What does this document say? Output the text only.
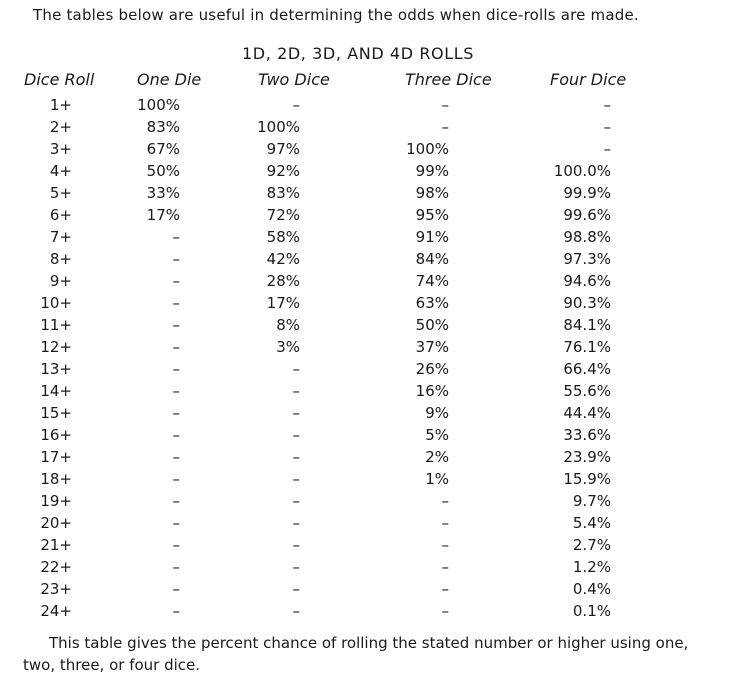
The tables below are useful in determining the odds when dice-rolls are made.
1D, 2D, 3D, AND 4D ROLLS
Dice Roll	One Die	Two Dice	Three Dice	Four Dice
1+	100%	–	–	–
2+	83%	100%	–	–
3+	67%	97%	100%	–
4+	50%	92%	99%	100.0%
5+	33%	83%	98%	99.9%
6+	17%	72%	95%	99.6%
7+	–	58%	91%	98.8%
8+	–	42%	84%	97.3%
9+	–	28%	74%	94.6%
10+	–	17%	63%	90.3%
11+	–	8%	50%	84.1%
12+	–	3%	37%	76.1%
13+	–	–	26%	66.4%
14+	–	–	16%	55.6%
15+	–	–	9%	44.4%
16+	–	–	5%	33.6%
17+	–	–	2%	23.9%
18+	–	–	1%	15.9%
19+	–	–	–	9.7%
20+	–	–	–	5.4%
21+	–	–	–	2.7%
22+	–	–	–	1.2%
23+	–	–	–	0.4%
24+	–	–	–	0.1%
This table gives the percent chance of rolling the stated number or higher using one, two, three, or four dice.
